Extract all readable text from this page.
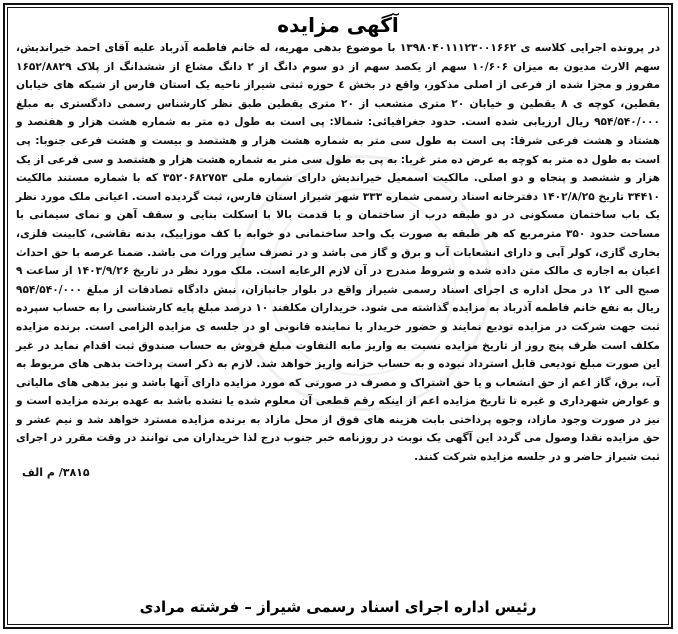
آگهی مزایده

در پرونده اجرایی کلاسه ی ۱۳۹۸۰۴۰۱۱۱۲۳۰۰۱۶۶۲ با موضوع بدهی مهریه، له خانم فاطمه آذرباد علیه آقای احمد خیراندیش، سهم الارث مدیون به میزان ۱۰/۶۰۶ سهم از یکصد سهم از دو سوم دانگ از ۲ دانگ مشاع از ششدانگ از پلاک ۱۶۵۲/۸۸۲۹ مفروز و مجزا شده از فرعی از اصلی مذکور، واقع در بخش ٤ حوزه ثبتی شیراز ناحیه یک استان فارس از شبکه های خیابان یقطین، کوچه ی ۸ یقطین و خیابان ۲۰ متری منشعب از ۲۰ متری یقطین طبق نظر کارشناس رسمی دادگستری به مبلغ ۹۵۴/۵۴۰/۰۰۰ ریال ارزیابی شده است. حدود جغرافیائی: شمالا: پی است به طول ده متر به شماره هشت هزار و هفتصد و هشتاد و هشت فرعی شرقا: پی است به طول سی متر به شماره هشت هزار و هشتصد و بیست و هشت فرعی جنوبا: پی است به طول ده متر به کوچه به عرض ده متر غربا: به پی به طول سی متر به شماره هشت هزار و هشتصد و سی فرعی از یک هزار و ششصد و پنجاه و دو اصلی. مالکیت اسمعیل خیراندیش دارای شماره ملی ۳۵۲۰۶۸۲۷۵۳ که با شماره مستند مالکیت ۳۴۴۱۰ تاریخ ۱۴۰۲/۸/۲۵ دفترخانه اسناد رسمی شماره ۳۳۳ شهر شیراز استان فارس، ثبت گردیده است. اعیانی ملک مورد نظر یک باب ساختمان مسکونی در دو طبقه درب از ساختمان و با قدمت بالا با اسکلت بنایی و سقف آهن و نمای سیمانی با مساحت حدود ۳۵۰ مترمربع که هر طبقه به صورت یک واحد ساختمانی دو خوابه با کف موزاییک، بدنه نقاشی، کابینت فلزی، بخاری گازی، کولر آبی و دارای انشعابات آب و برق و گاز می باشد و در تصرف سایر وراث می باشد. ضمنا عرصه با حق احداث اعیان به اجاره ی مالک متن داده شده و شروط مندرج در آن لازم الرعایه است. ملک مورد نظر در تاریخ ۱۴۰۳/۹/۲۶ از ساعت ۹ صبح الی ۱۲ در محل اداره ی اجرای اسناد رسمی شیراز واقع در بلوار جانبازان، نبش دادگاه تصادفات از مبلغ ۹۵۴/۵۴۰/۰۰۰ ریال به نفع خانم فاطمه آذرباد به مزایده گذاشته می شود. خریداران مکلفند ۱۰ درصد مبلغ پایه کارشناسی را به حساب سپرده ثبت جهت شرکت در مزایده تودیع نمایند و حضور خریدار یا نماینده قانونی او در جلسه ی مزایده الزامی است. برنده مزایده مکلف است ظرف پنج روز از تاریخ مزایده نسبت به واریز مابه التفاوت مبلغ فروش به حساب صندوق ثبت اقدام نماید در غیر این صورت مبلغ تودیعی قابل استرداد نبوده و به حساب خزانه واریز خواهد شد. لازم به ذکر است پرداخت بدهی های مربوط به آب، برق، گاز اعم از حق انشعاب و یا حق اشتراک و مصرف در صورتی که مورد مزایده دارای آنها باشد و نیز بدهی های مالیاتی و عوارض شهرداری و غیره تا تاریخ مزایده اعم از اینکه رقم قطعی آن معلوم شده یا نشده باشد به عهده برنده مزایده است و نیز در صورت وجود مازاد، وجوه پرداختی بابت هزینه های فوق از محل مازاد به برنده مزایده مسترد خواهد شد و نیم عشر و حق مزایده نقدا وصول می گردد این آگهی یک نوبت در روزنامه خبر جنوب درج لذا خریداران می توانند در وقت مقرر در اجرای ثبت شیراز حاضر و در جلسه مزایده شرکت کنند.

۳۸۱۵/ م الف
رئیس اداره اجرای اسناد رسمی شیراز – فرشته مرادی
